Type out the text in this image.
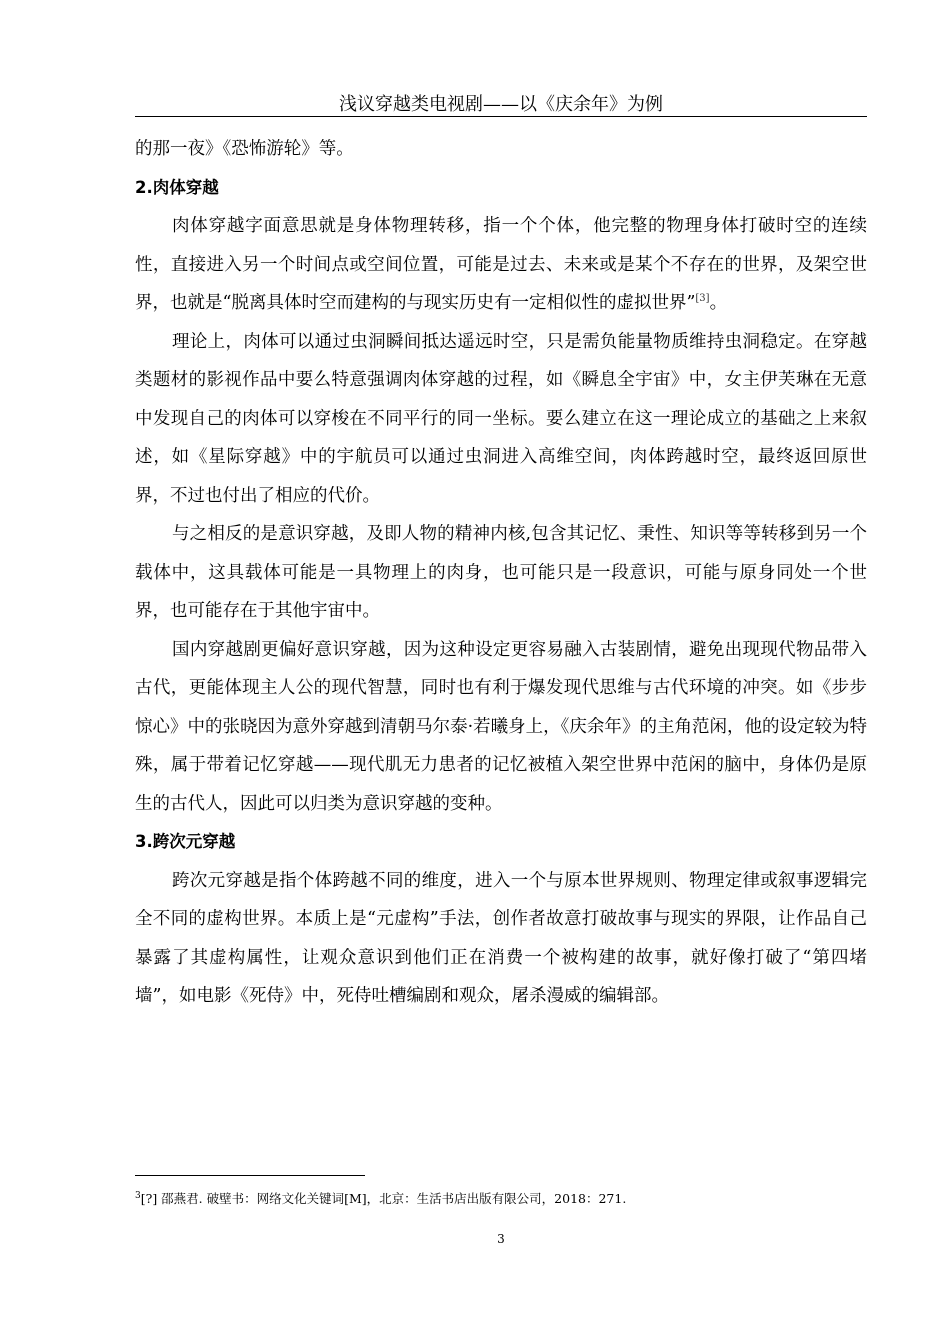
浅议穿越类电视剧——以《庆余年》为例

的那一夜》《恐怖游轮》等。

2.肉体穿越

肉体穿越字面意思就是身体物理转移，指一个个体，他完整的物理身体打破时空的连续性，直接进入另一个时间点或空间位置，可能是过去、未来或是某个不存在的世界，及架空世界，也就是“脱离具体时空而建构的与现实历史有一定相似性的虚拟世界”[3]。

理论上，肉体可以通过虫洞瞬间抵达遥远时空，只是需负能量物质维持虫洞稳定。在穿越类题材的影视作品中要么特意强调肉体穿越的过程，如《瞬息全宇宙》中，女主伊芙琳在无意中发现自己的肉体可以穿梭在不同平行的同一坐标。要么建立在这一理论成立的基础之上来叙述，如《星际穿越》中的宇航员可以通过虫洞进入高维空间，肉体跨越时空，最终返回原世界，不过也付出了相应的代价。

与之相反的是意识穿越，及即人物的精神内核,包含其记忆、秉性、知识等等转移到另一个载体中，这具载体可能是一具物理上的肉身，也可能只是一段意识，可能与原身同处一个世界，也可能存在于其他宇宙中。

国内穿越剧更偏好意识穿越，因为这种设定更容易融入古装剧情，避免出现现代物品带入古代，更能体现主人公的现代智慧，同时也有利于爆发现代思维与古代环境的冲突。如《步步惊心》中的张晓因为意外穿越到清朝马尔泰·若曦身上，《庆余年》的主角范闲，他的设定较为特殊，属于带着记忆穿越——现代肌无力患者的记忆被植入架空世界中范闲的脑中，身体仍是原生的古代人，因此可以归类为意识穿越的变种。

3.跨次元穿越

跨次元穿越是指个体跨越不同的维度，进入一个与原本世界规则、物理定律或叙事逻辑完全不同的虚构世界。本质上是“元虚构”手法，创作者故意打破故事与现实的界限，让作品自己暴露了其虚构属性，让观众意识到他们正在消费一个被构建的故事，就好像打破了“第四堵墙”，如电影《死侍》中，死侍吐槽编剧和观众，屠杀漫威的编辑部。

$^3$[?] 邵燕君. 破壁书：网络文化关键词[M]，北京：生活书店出版有限公司，2018：271.
3
